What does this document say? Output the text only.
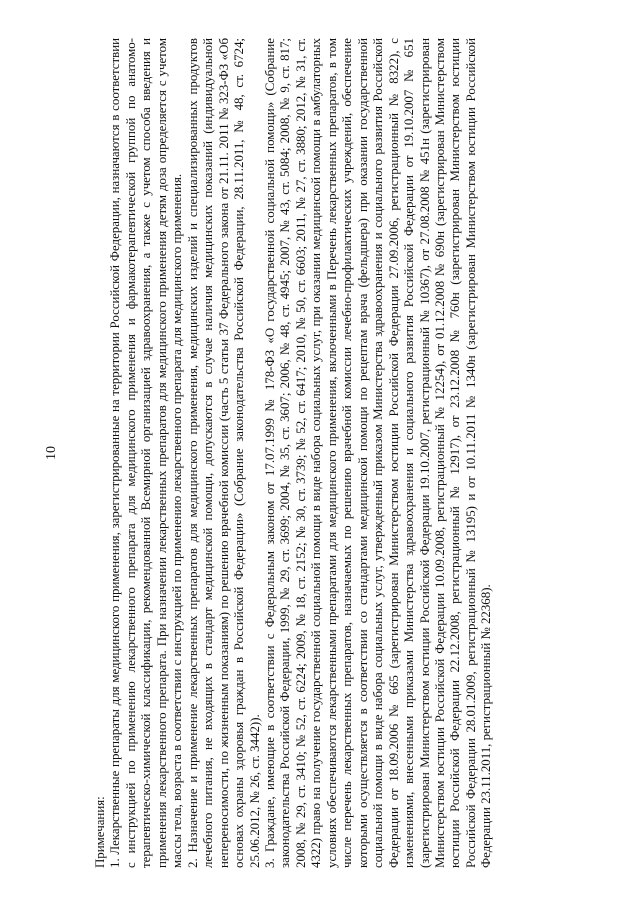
10

Примечания: 1. Лекарственные препараты для медицинского применения, зарегистрированные на территории Российской Федерации, назначаются в соответствии с инструкцией по применению лекарственного препарата для медицинского применения и фармакотерапевтической группой по анатомо-терапевтическо-химической классификации, рекомендованной Всемирной организацией здравоохранения, а также с учетом способа введения и применения лекарственного препарата. При назначении лекарственных препаратов для медицинского применения детям доза определяется с учетом массы тела, возраста в соответствии с инструкцией по применению лекарственного препарата для медицинского применения. 2. Назначение и применение лекарственных препаратов для медицинского применения, медицинских изделий и специализированных продуктов лечебного питания, не входящих в стандарт медицинской помощи, допускаются в случае наличия медицинских показаний (индивидуальной непереносимости, по жизненным показаниям) по решению врачебной комиссии (часть 5 статьи 37 Федерального закона от 21.11. 2011 № 323-ФЗ «Об основах охраны здоровья граждан в Российской Федерации» (Собрание законодательства Российской Федерации, 28.11.2011, № 48, ст. 6724; 25.06.2012, № 26, ст. 3442)). 3. Граждане, имеющие в соответствии с Федеральным законом от 17.07.1999 № 178-ФЗ «О государственной социальной помощи» (Собрание законодательства Российской Федерации, 1999, № 29, ст. 3699; 2004, № 35, ст. 3607; 2006, № 48, ст. 4945; 2007, № 43, ст. 5084; 2008, № 9, ст. 817; 2008, № 29, ст. 3410; № 52, ст. 6224; 2009, № 18, ст. 2152; № 30, ст. 3739; № 52, ст. 6417; 2010, № 50, ст. 6603; 2011, № 27, ст. 3880; 2012, № 31, ст. 4322) право на получение государственной социальной помощи в виде набора социальных услуг, при оказании медицинской помощи в амбулаторных условиях обеспечиваются лекарственными препаратами для медицинского применения, включенными в Перечень лекарственных препаратов, в том числе перечень лекарственных препаратов, назначаемых по решению врачебной комиссии лечебно-профилактических учреждений, обеспечение которыми осуществляется в соответствии со стандартами медицинской помощи по рецептам врача (фельдшера) при оказании государственной социальной помощи в виде набора социальных услуг, утвержденный приказом Министерства здравоохранения и социального развития Российской Федерации от 18.09.2006 № 665 (зарегистрирован Министерством юстиции Российской Федерации 27.09.2006, регистрационный № 8322), с изменениями, внесенными приказами Министерства здравоохранения и социального развития Российской Федерации от 19.10.2007 № 651 (зарегистрирован Министерством юстиции Российской Федерации 19.10.2007, регистрационный № 10367), от 27.08.2008 № 451н (зарегистрирован Министерством юстиции Российской Федерации 10.09.2008, регистрационный № 12254), от 01.12.2008 № 690н (зарегистрирован Министерством юстиции Российской Федерации 22.12.2008, регистрационный № 12917), от 23.12.2008 № 760н (зарегистрирован Министерством юстиции Российской Федерации 28.01.2009, регистрационный № 13195) и от 10.11.2011 № 1340н (зарегистрирован Министерством юстиции Российской Федерации 23.11.2011, регистрационный № 22368).
